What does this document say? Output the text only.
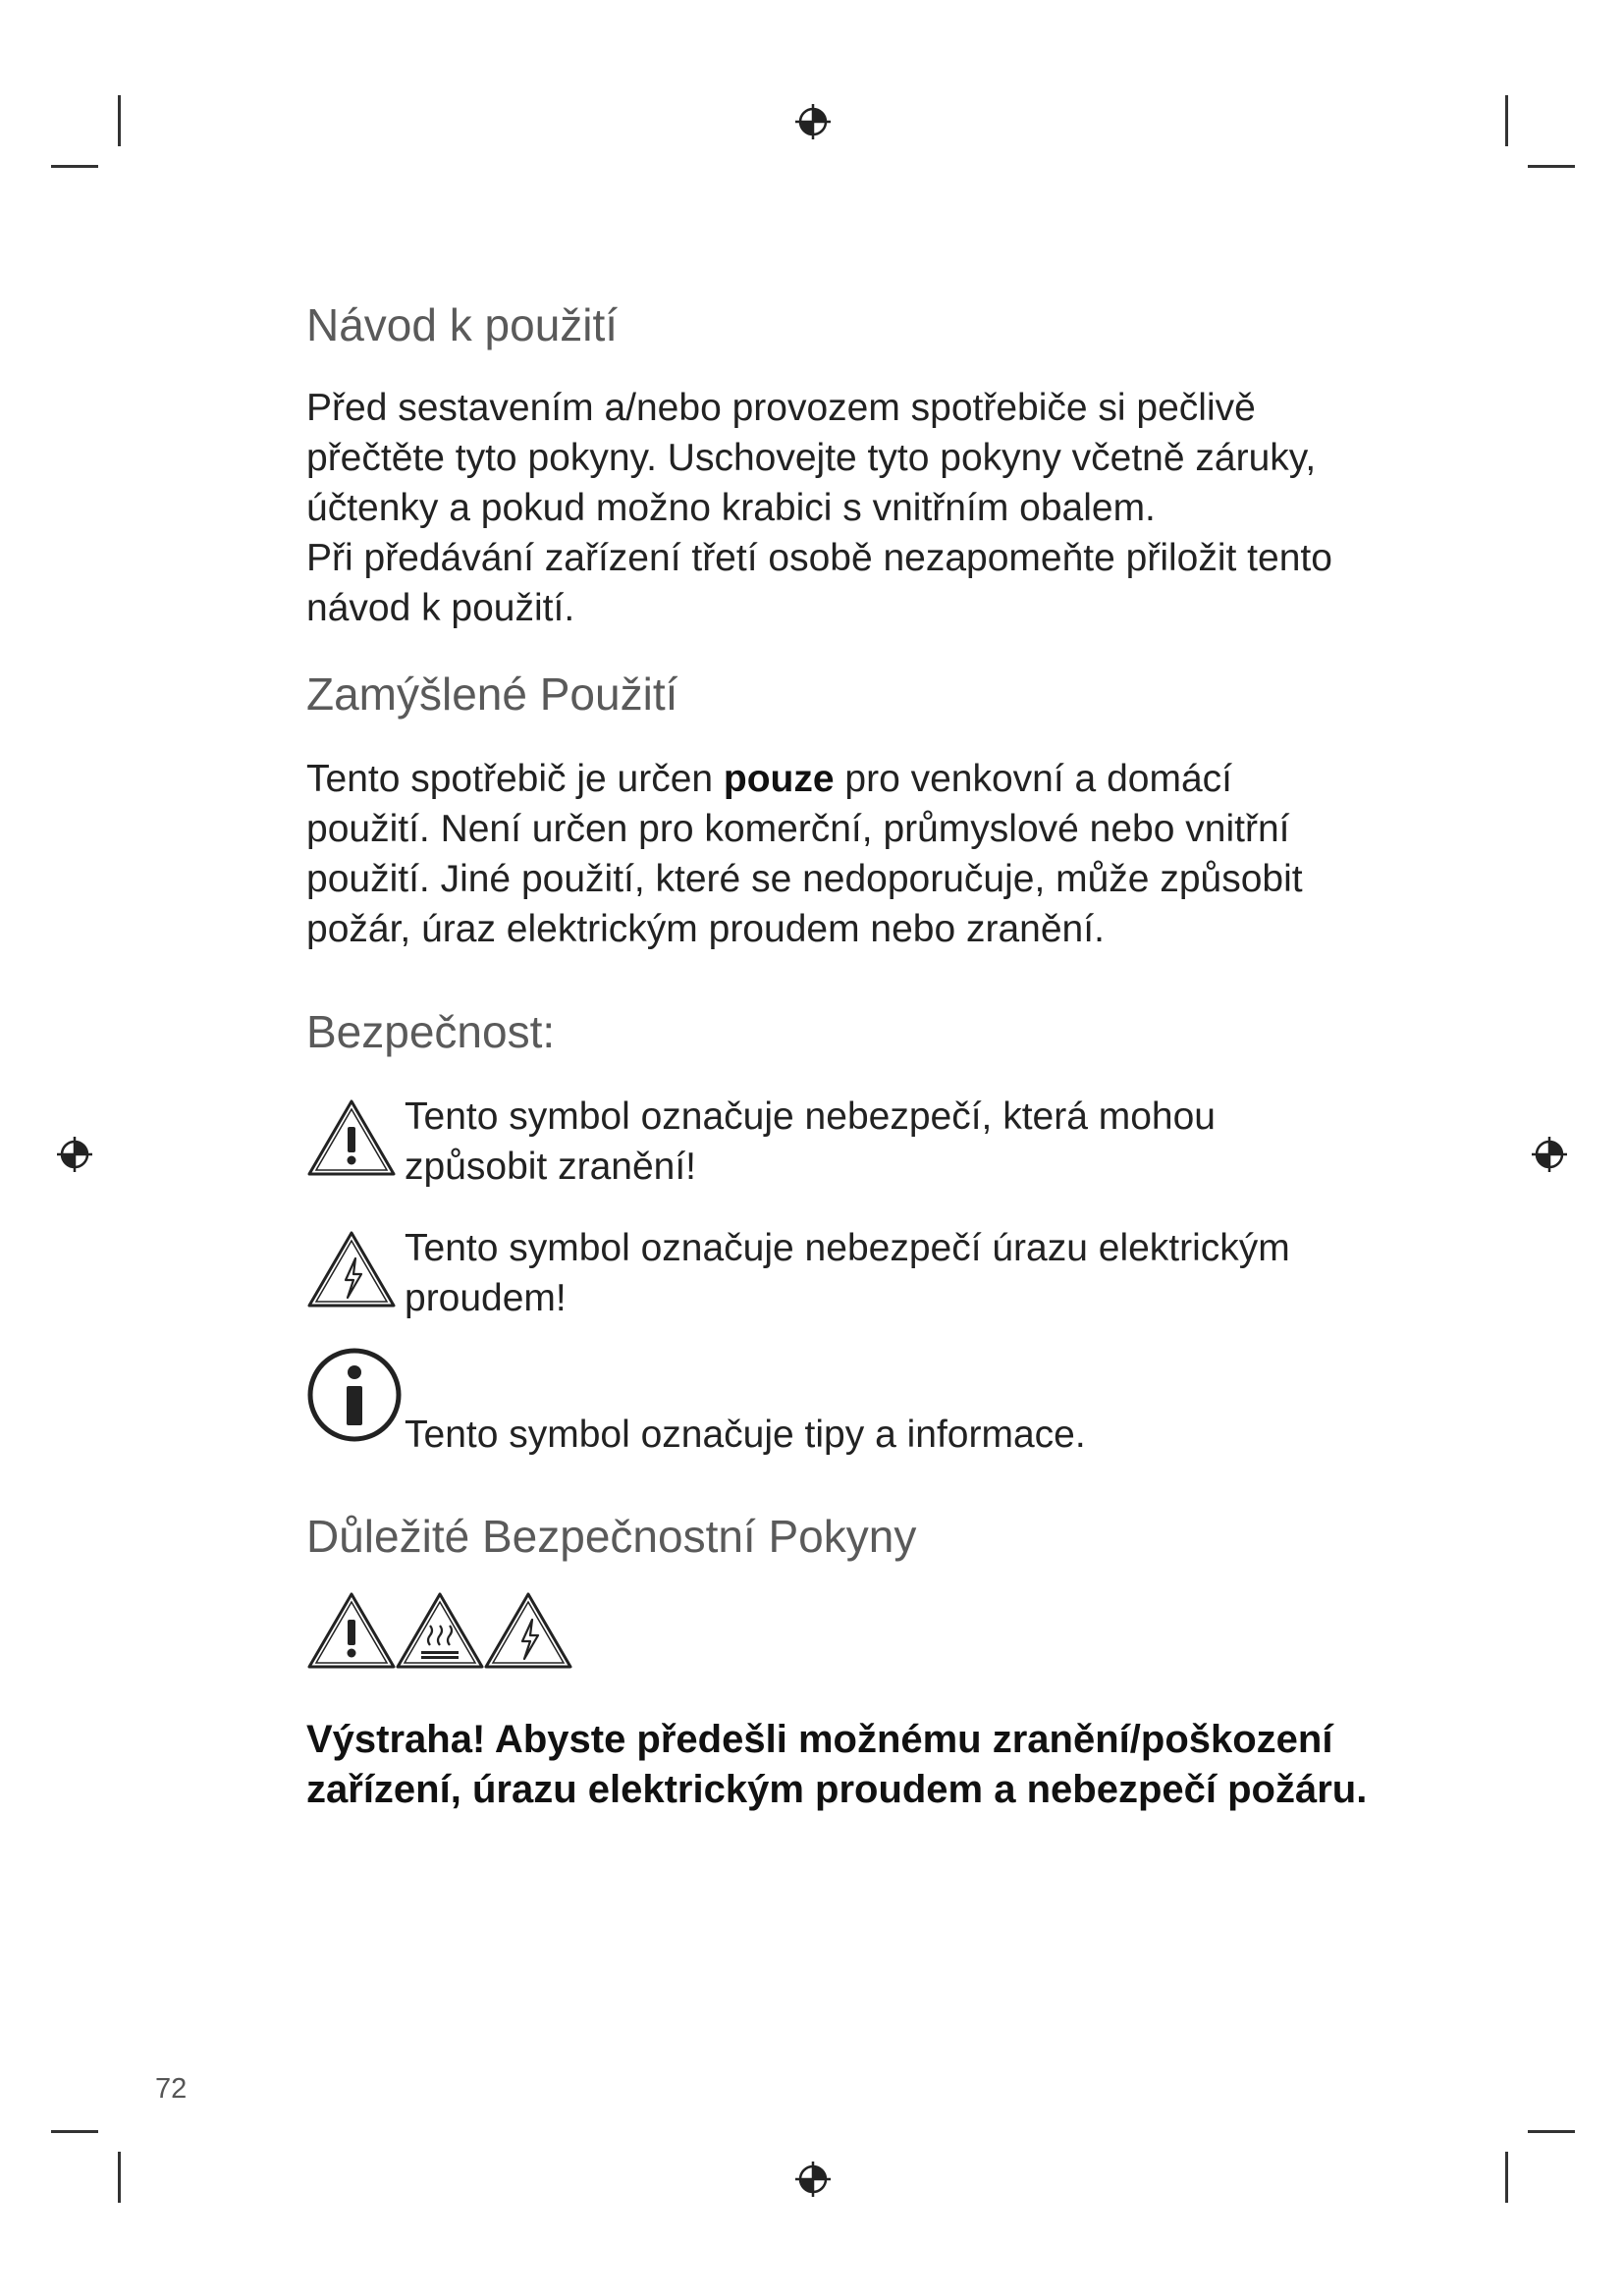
Návod k použití
Před sestavením a/nebo provozem spotřebiče si pečlivě
přečtěte tyto pokyny. Uschovejte tyto pokyny včetně záruky,
účtenky a pokud možno krabici s vnitřním obalem.
Při předávání zařízení třetí osobě nezapomeňte přiložit tento
návod k použití.
Zamýšlené Použití
Tento spotřebič je určen pouze pro venkovní a domácí
použití. Není určen pro komerční, průmyslové nebo vnitřní
použití. Jiné použití, které se nedoporučuje, může způsobit
požár, úraz elektrickým proudem nebo zranění.
Bezpečnost:
Tento symbol označuje nebezpečí, která mohou
způsobit zranění!
Tento symbol označuje nebezpečí úrazu elektrickým
proudem!
Tento symbol označuje tipy a informace.
Důležité Bezpečnostní Pokyny
Výstraha! Abyste předešli možnému zranění/poškození
zařízení, úrazu elektrickým proudem a nebezpečí požáru.
72
